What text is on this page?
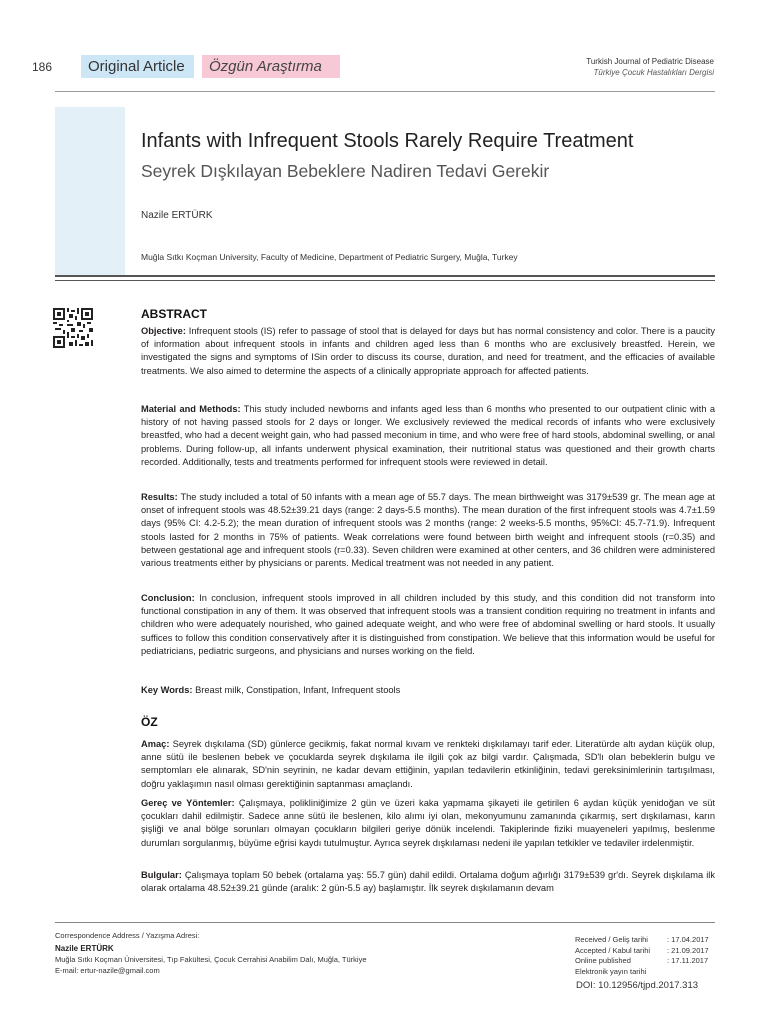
186 Original Article Özgün Araştırma	Turkish Journal of Pediatric Disease
Türkiye Çocuk Hastalıkları Dergisi
Infants with Infrequent Stools Rarely Require Treatment
Seyrek Dışkılayan Bebeklere Nadiren Tedavi Gerekir
Nazile ERTÜRK
Muğla Sıtkı Koçman University, Faculty of Medicine, Department of Pediatric Surgery, Muğla, Turkey
ABSTRACT
Objective: Infrequent stools (IS) refer to passage of stool that is delayed for days but has normal consistency and color. There is a paucity of information about infrequent stools in infants and children aged less than 6 months who are exclusively breastfed. Herein, we investigated the signs and symptoms of ISin order to discuss its course, duration, and need for treatment, and the efficacies of available treatments. We also aimed to determine the aspects of a clinically appropriate approach for affected patients.
Material and Methods: This study included newborns and infants aged less than 6 months who presented to our outpatient clinic with a history of not having passed stools for 2 days or longer. We exclusively reviewed the medical records of infants who were exclusively breastfed, who had a decent weight gain, who had passed meconium in time, and who were free of hard stools, abdominal swelling, or anal problems. During follow-up, all infants underwent physical examination, their nutritional status was questioned and their growth charts recorded. Additionally, tests and treatments performed for infrequent stools were reviewed in detail.
Results: The study included a total of 50 infants with a mean age of 55.7 days. The mean birthweight was 3179±539 gr. The mean age at onset of infrequent stools was 48.52±39.21 days (range: 2 days-5.5 months). The mean duration of the first infrequent stools was 4.7±1.59 days (95% CI: 4.2-5.2); the mean duration of infrequent stools was 2 months (range: 2 weeks-5.5 months, 95%CI: 45.7-71.9). Infrequent stools lasted for 2 months in 75% of patients. Weak correlations were found between birth weight and infrequent stools (r=0.35) and between gestational age and infrequent stools (r=0.33). Seven children were examined at other centers, and 36 children were administered various treatments either by physicians or parents. Medical treatment was not needed in any patient.
Conclusion: In conclusion, infrequent stools improved in all children included by this study, and this condition did not transform into functional constipation in any of them. It was observed that infrequent stools was a transient condition requiring no treatment in infants and children who were adequately nourished, who gained adequate weight, and who were free of abdominal swelling or hard stools. It usually suffices to follow this condition conservatively after it is distinguished from constipation. We believe that this information would be useful for pediatricians, pediatric surgeons, and physicians and nurses working on the field.
Key Words: Breast milk, Constipation, Infant, Infrequent stools
ÖZ
Amaç: Seyrek dışkılama (SD) günlerce gecikmiş, fakat normal kıvam ve renkteki dışkılamayı tarif eder. Literatürde altı aydan küçük olup, anne sütü ile beslenen bebek ve çocuklarda seyrek dışkılama ile ilgili çok az bilgi vardır. Çalışmada, SD'lı olan bebeklerin bulgu ve semptomları ele alınarak, SD'nin seyrinin, ne kadar devam ettiğinin, yapılan tedavilerin etkinliğinin, tedavi gereksinimlerinin tartışılması, doğru yaklaşımın nasıl olması gerektiğinin saptanması amaçlandı.
Gereç ve Yöntemler: Çalışmaya, polikliniğimize 2 gün ve üzeri kaka yapmama şikayeti ile getirilen 6 aydan küçük yenidoğan ve süt çocukları dahil edilmiştir. Sadece anne sütü ile beslenen, kilo alımı iyi olan, mekonyumunu zamanında çıkarmış, sert dışkılaması, karın şişliği ve anal bölge sorunları olmayan çocukların bilgileri geriye dönük incelendi. Takiplerinde fiziki muayeneleri yapılmış, beslenme durumları sorgulanmış, büyüme eğrisi kaydı tutulmuştur. Ayrıca seyrek dışkılaması nedeni ile yapılan tetkikler ve tedaviler irdelenmiştir.
Bulgular: Çalışmaya toplam 50 bebek (ortalama yaş: 55.7 gün) dahil edildi. Ortalama doğum ağırlığı 3179±539 gr'dı. Seyrek dışkılama ilk olarak ortalama 48.52±39.21 günde (aralık: 2 gün-5.5 ay) başlamıştır. İlk seyrek dışkılamanın devam
Correspondence Address / Yazışma Adresi:
Nazile ERTÜRK
Muğla Sıtkı Koçman Üniversitesi, Tıp Fakültesi, Çocuk Cerrahisi Anabilim Dalı, Muğla, Türkiye
E-mail: ertur-nazile@gmail.com
Received / Geliş tarihi	: 17.04.2017
Accepted / Kabul tarihi	: 21.09.2017
Online published	: 17.11.2017
Elektronik yayın tarihi
DOI: 10.12956/tjpd.2017.313
